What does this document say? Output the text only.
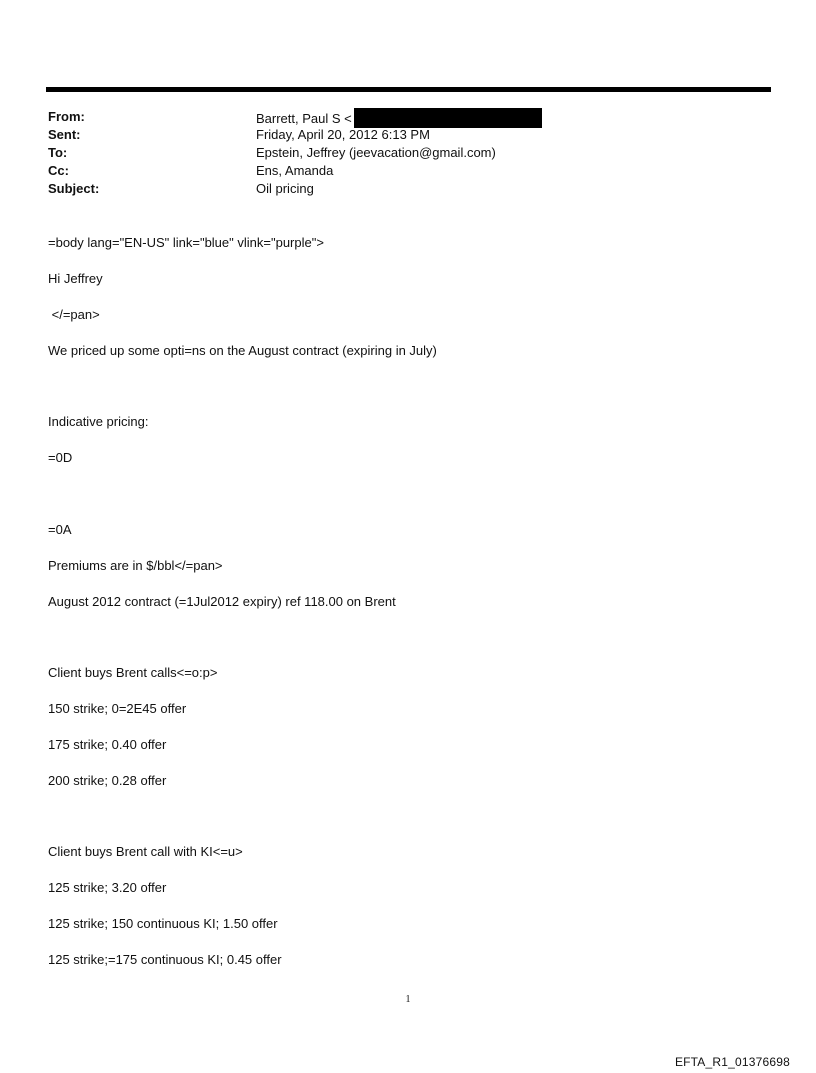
From:	Barrett, Paul S <
Sent:	Friday, April 20, 2012 6:13 PM
To:	Epstein, Jeffrey (jeevacation@gmail.com)
Cc:	Ens, Amanda
Subject:	Oil pricing
=body lang="EN-US" link="blue" vlink="purple">
Hi Jeffrey
</=pan>
We priced up some opti=ns on the August contract (expiring in July)
Indicative pricing:
=0D
=0A
Premiums are in $/bbl</=pan>
August 2012 contract (=1Jul2012 expiry) ref 118.00 on Brent
Client buys Brent calls<=o:p>
150 strike; 0=2E45 offer
175 strike; 0.40 offer
200 strike; 0.28 offer
Client buys Brent call with KI<=u>
125 strike; 3.20 offer
125 strike; 150 continuous KI; 1.50 offer
125 strike;=175 continuous KI; 0.45 offer
1
EFTA_R1_01376698
